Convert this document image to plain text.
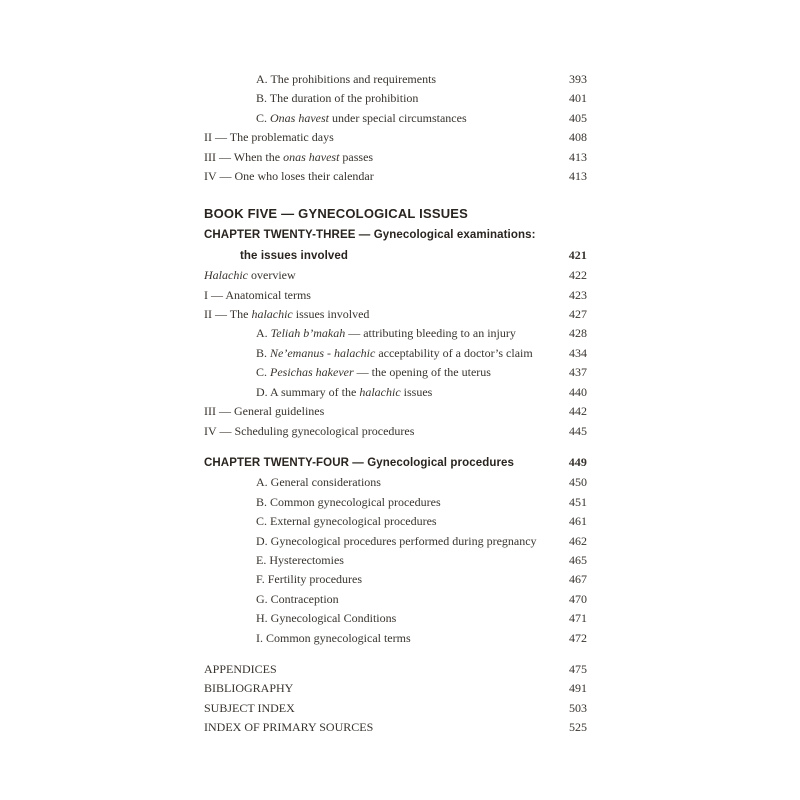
A. The prohibitions and requirements	393
B. The duration of the prohibition	401
C. Onas havest under special circumstances	405
II — The problematic days	408
III — When the onas havest passes	413
IV — One who loses their calendar	413
BOOK FIVE — GYNECOLOGICAL ISSUES
CHAPTER TWENTY-THREE — Gynecological examinations:
the issues involved	421
Halachic overview	422
I — Anatomical terms	423
II — The halachic issues involved	427
A. Teliah b’makah — attributing bleeding to an injury	428
B. Ne’emanus - halachic acceptability of a doctor’s claim	434
C. Pesichas hakever — the opening of the uterus	437
D. A summary of the halachic issues	440
III — General guidelines	442
IV — Scheduling gynecological procedures	445
CHAPTER TWENTY-FOUR — Gynecological procedures	449
A. General considerations	450
B. Common gynecological procedures	451
C. External gynecological procedures	461
D. Gynecological procedures performed during pregnancy	462
E. Hysterectomies	465
F. Fertility procedures	467
G. Contraception	470
H. Gynecological Conditions	471
I. Common gynecological terms	472
APPENDICES	475
BIBLIOGRAPHY	491
SUBJECT INDEX	503
INDEX OF PRIMARY SOURCES	525
